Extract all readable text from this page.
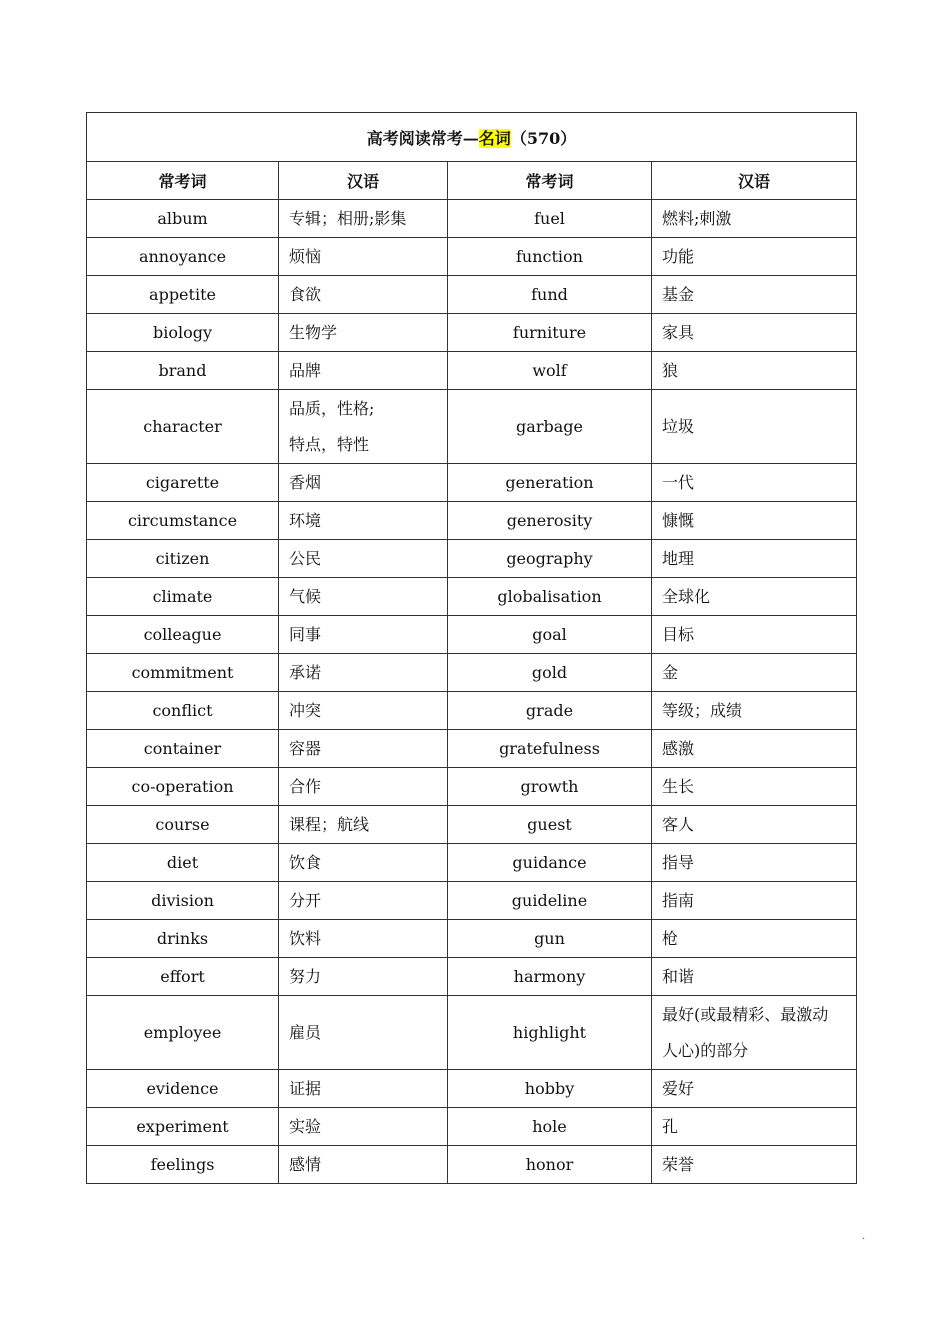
高考阅读常考—名词（570）			
常考词	汉语	常考词	汉语
album	专辑；相册;影集	fuel	燃料;刺激

annoyance	烦恼	function	功能

appetite	食欲	fund	基金

biology	生物学	furniture	家具

brand	品牌	wolf	狼

character	品质，性格;
特点，特性	garbage	垃圾

cigarette	香烟	generation	一代

circumstance	环境	generosity	慷慨

citizen	公民	geography	地理

climate	气候	globalisation	全球化

colleague	同事	goal	目标

commitment	承诺	gold	金

conflict	冲突	grade	等级；成绩

container	容器	gratefulness	感激

co-operation	合作	growth	生长

course	课程；航线	guest	客人

diet	饮食	guidance	指导

division	分开	guideline	指南

drinks	饮料	gun	枪

effort	努力	harmony	和谐

employee	雇员	highlight	最好(或最精彩、最激动
人心)的部分

evidence	证据	hobby	爱好

experiment	实验	hole	孔

feelings	感情	honor	荣誉
·
